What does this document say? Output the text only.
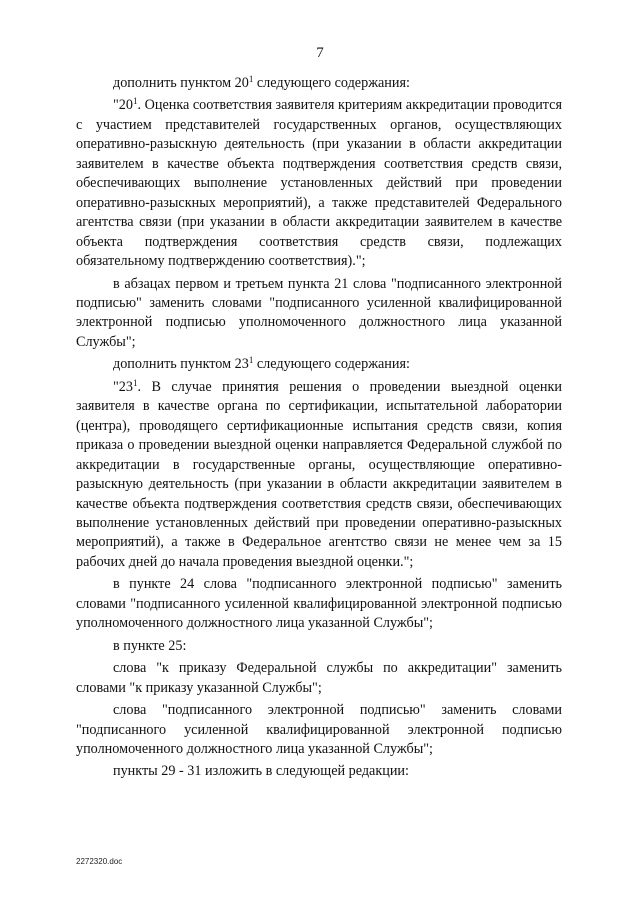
7

дополнить пунктом $20^1$ следующего содержания:

"$20^1$. Оценка соответствия заявителя критериям аккредитации проводится с участием представителей государственных органов, осуществляющих оперативно-разыскную деятельность (при указании в области аккредитации заявителем в качестве объекта подтверждения соответствия средств связи, обеспечивающих выполнение установленных действий при проведении оперативно-разыскных мероприятий), а также представителей Федерального агентства связи (при указании в области аккредитации заявителем в качестве объекта подтверждения соответствия средств связи, подлежащих обязательному подтверждению соответствия).";

в абзацах первом и третьем пункта 21 слова "подписанного электронной подписью" заменить словами "подписанного усиленной квалифицированной электронной подписью уполномоченного должностного лица указанной Службы";

дополнить пунктом $23^1$ следующего содержания:

"$23^1$. В случае принятия решения о проведении выездной оценки заявителя в качестве органа по сертификации, испытательной лаборатории (центра), проводящего сертификационные испытания средств связи, копия приказа о проведении выездной оценки направляется Федеральной службой по аккредитации в государственные органы, осуществляющие оперативно-разыскную деятельность (при указании в области аккредитации заявителем в качестве объекта подтверждения соответствия средств связи, обеспечивающих выполнение установленных действий при проведении оперативно-разыскных мероприятий), а также в Федеральное агентство связи не менее чем за 15 рабочих дней до начала проведения выездной оценки.";

в пункте 24 слова "подписанного электронной подписью" заменить словами "подписанного усиленной квалифицированной электронной подписью уполномоченного должностного лица указанной Службы";

в пункте 25:

слова "к приказу Федеральной службы по аккредитации" заменить словами "к приказу указанной Службы";

слова "подписанного электронной подписью" заменить словами "подписанного усиленной квалифицированной электронной подписью уполномоченного должностного лица указанной Службы";

пункты 29 - 31 изложить в следующей редакции:

2272320.doc
